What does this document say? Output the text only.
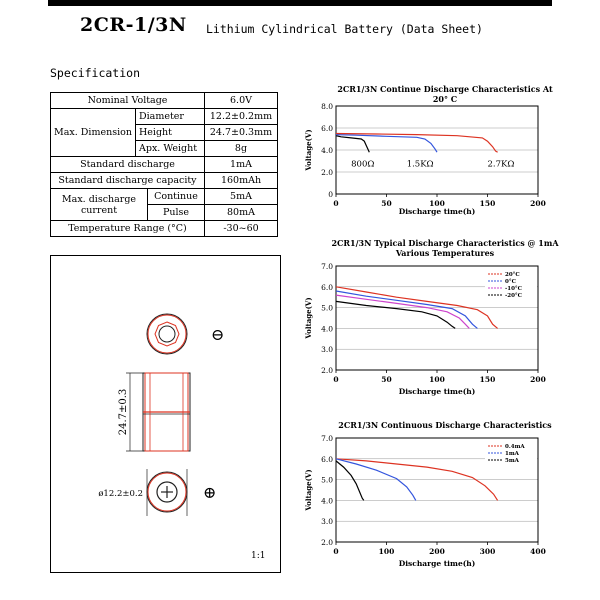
2CR-1/3N Lithium Cylindrical Battery (Data Sheet)
Specification
Nominal Voltage			6.0V
Max. Dimension	Diameter		12.2±0.2mm
	Height		24.7±0.3mm
	Apx. Weight		8g
Standard discharge			1mA
Standard discharge capacity			160mAh
Max. discharge current		Continue	5mA
		Pulse	80mA
Temperature Range (°C)			-30~60
⊖
24.7±0.3
ø12.2±0.2	⊕
1:1
2CR1/3N Continue Discharge Characteristics At 20° C
0
2.0
4.0
6.0
8.0
0	50	100	150	200
Discharge time(h)
Voltage(V)	800Ω	1.5KΩ	2.7KΩ
2CR1/3N Typical Discharge Characteristics @ 1mA Various Temperatures
2.0
3.0
4.0
5.0
6.0
7.0
0	50	100	150	200
Discharge time(h)
Voltage(V)
20°C
0°C
-10°C
-20°C
2CR1/3N Continuous Discharge Characteristics
2.0
3.0
4.0
5.0
6.0
7.0
0	100	200	300	400
Discharge time(h)
Voltage(V)
0.4mA
1mA
5mA
